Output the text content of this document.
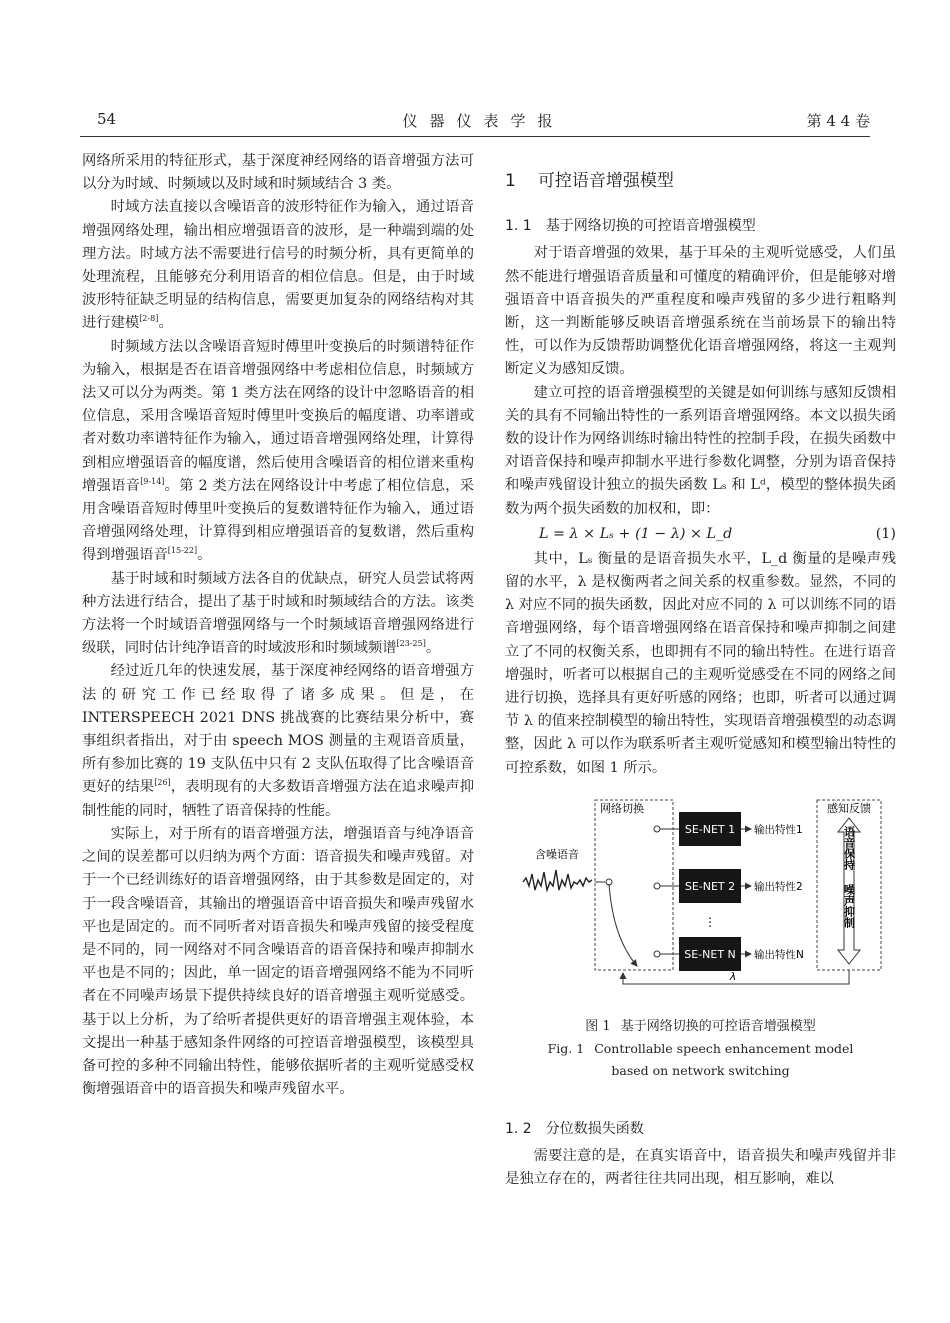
54	仪器仪表学报	第 4 4 卷

网络所采用的特征形式，基于深度神经网络的语音增强方法可以分为时域、时频域以及时域和时频域结合 3 类。

时域方法直接以含噪语音的波形特征作为输入，通过语音增强网络处理，输出相应增强语音的波形，是一种端到端的处理方法。时域方法不需要进行信号的时频分析，具有更简单的处理流程，且能够充分利用语音的相位信息。但是，由于时域波形特征缺乏明显的结构信息，需要更加复杂的网络结构对其进行建模[2-8]。

时频域方法以含噪语音短时傅里叶变换后的时频谱特征作为输入，根据是否在语音增强网络中考虑相位信息，时频域方法又可以分为两类。第 1 类方法在网络的设计中忽略语音的相位信息，采用含噪语音短时傅里叶变换后的幅度谱、功率谱或者对数功率谱特征作为输入，通过语音增强网络处理，计算得到相应增强语音的幅度谱，然后使用含噪语音的相位谱来重构增强语音[9-14]。第 2 类方法在网络设计中考虑了相位信息，采用含噪语音短时傅里叶变换后的复数谱特征作为输入，通过语音增强网络处理，计算得到相应增强语音的复数谱，然后重构得到增强语音[15-22]。

基于时域和时频域方法各自的优缺点，研究人员尝试将两种方法进行结合，提出了基于时域和时频域结合的方法。该类方法将一个时域语音增强网络与一个时频域语音增强网络进行级联，同时估计纯净语音的时域波形和时频域频谱[23-25]。

经过近几年的快速发展，基于深度神经网络的语音增强方法的研究工作已经取得了诸多成果。但是，在 INTERSPEECH 2021 DNS 挑战赛的比赛结果分析中，赛事组织者指出，对于由 speech MOS 测量的主观语音质量，所有参加比赛的 19 支队伍中只有 2 支队伍取得了比含噪语音更好的结果[26]，表明现有的大多数语音增强方法在追求噪声抑制性能的同时，牺牲了语音保持的性能。

实际上，对于所有的语音增强方法，增强语音与纯净语音之间的误差都可以归纳为两个方面：语音损失和噪声残留。对于一个已经训练好的语音增强网络，由于其参数是固定的，对于一段含噪语音，其输出的增强语音中语音损失和噪声残留水平也是固定的。而不同听者对语音损失和噪声残留的接受程度是不同的，同一网络对不同含噪语音的语音保持和噪声抑制水平也是不同的；因此，单一固定的语音增强网络不能为不同听者在不同噪声场景下提供持续良好的语音增强主观听觉感受。基于以上分析，为了给听者提供更好的语音增强主观体验，本文提出一种基于感知条件网络的可控语音增强模型，该模型具备可控的多种不同输出特性，能够依据听者的主观听觉感受权衡增强语音中的语音损失和噪声残留水平。

1 可控语音增强模型
1. 1 基于网络切换的可控语音增强模型

对于语音增强的效果，基于耳朵的主观听觉感受，人们虽然不能进行增强语音质量和可懂度的精确评价，但是能够对增强语音中语音损失的严重程度和噪声残留的多少进行粗略判断，这一判断能够反映语音增强系统在当前场景下的输出特性，可以作为反馈帮助调整优化语音增强网络，将这一主观判断定义为感知反馈。

建立可控的语音增强模型的关键是如何训练与感知反馈相关的具有不同输出特性的一系列语音增强网络。本文以损失函数的设计作为网络训练时输出特性的控制手段，在损失函数中对语音保持和噪声抑制水平进行参数化调整，分别为语音保持和噪声残留设计独立的损失函数 Lₛ 和 Lᵈ，模型的整体损失函数为两个损失函数的加权和，即：

L = λ × Lₛ + (1 − λ) × L_d	(1)

其中，Lₛ 衡量的是语音损失水平，L_d 衡量的是噪声残留的水平，λ 是权衡两者之间关系的权重参数。显然，不同的 λ 对应不同的损失函数，因此对应不同的 λ 可以训练不同的语音增强网络，每个语音增强网络在语音保持和噪声抑制之间建立了不同的权衡关系，也即拥有不同的输出特性。在进行语音增强时，听者可以根据自己的主观听觉感受在不同的网络之间进行切换，选择具有更好听感的网络；也即，听者可以通过调节 λ 的值来控制模型的输出特性，实现语音增强模型的动态调整，因此 λ 可以作为联系听者主观听觉感知和模型输出特性的可控系数，如图 1 所示。

网络切换
含噪语音
SE-NET 1
SE-NET 2
⋮
SE-NET N
输出特性1
输出特性2
输出特性N
感知反馈
语音保持
噪声抑制
λ
图 1 基于网络切换的可控语音增强模型
Fig. 1 Controllable speech enhancement model
based on network switching
1. 2 分位数损失函数

需要注意的是，在真实语音中，语音损失和噪声残留并非是独立存在的，两者往往共同出现，相互影响，难以
